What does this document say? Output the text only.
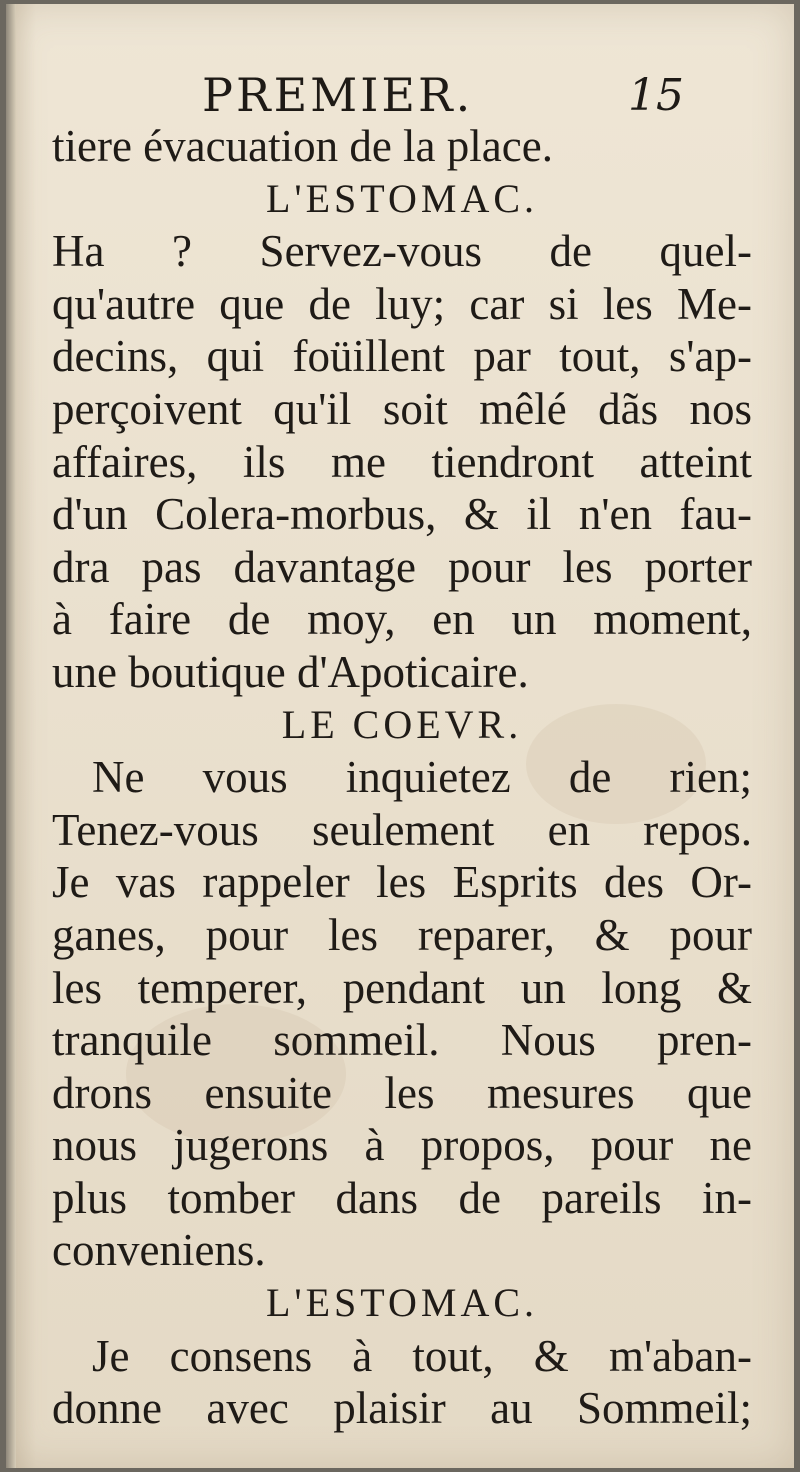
PREMIER.	15
tiere évacuation de la place.
L'ESTOMAC.
Ha ? Servez-vous de quel-
qu'autre que de luy; car si les Me-
decins, qui foüillent par tout, s'ap-
perçoivent qu'il soit mêlé dãs nos
affaires, ils me tiendront atteint
d'un Colera-morbus, & il n'en fau-
dra pas davantage pour les porter
à faire de moy, en un moment,
une boutique d'Apoticaire.
LE COEVR.
Ne vous inquietez de rien;
Tenez-vous seulement en repos.
Je vas rappeler les Esprits des Or-
ganes, pour les reparer, & pour
les temperer, pendant un long &
tranquile sommeil. Nous pren-
drons ensuite les mesures que
nous jugerons à propos, pour ne
plus tomber dans de pareils in-
conveniens.
L'ESTOMAC.
Je consens à tout, & m'aban-
donne avec plaisir au Sommeil;
